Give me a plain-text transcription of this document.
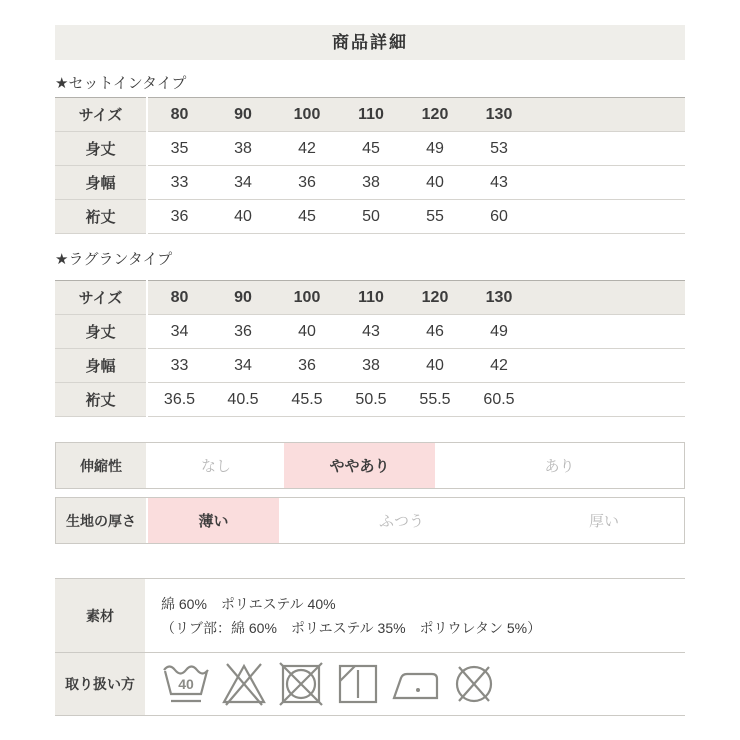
商品詳細
★セットインタイプ
サイズ	80	90	100	110	120	130	
身丈	35	38	42	45	49	53	
身幅	33	34	36	38	40	43	
裄丈	36	40	45	50	55	60	
★ラグランタイプ
サイズ	80	90	100	110	120	130	
身丈	34	36	40	43	46	49	
身幅	33	34	36	38	40	42	
裄丈	36.5	40.5	45.5	50.5	55.5	60.5	
伸縮性	なし	ややあり	あり
生地の厚さ	薄い	ふつう	厚い
素材
綿 60%　ポリエステル 40%
（リブ部：綿 60%　ポリエステル 35%　ポリウレタン 5%）
取り扱い方	40
